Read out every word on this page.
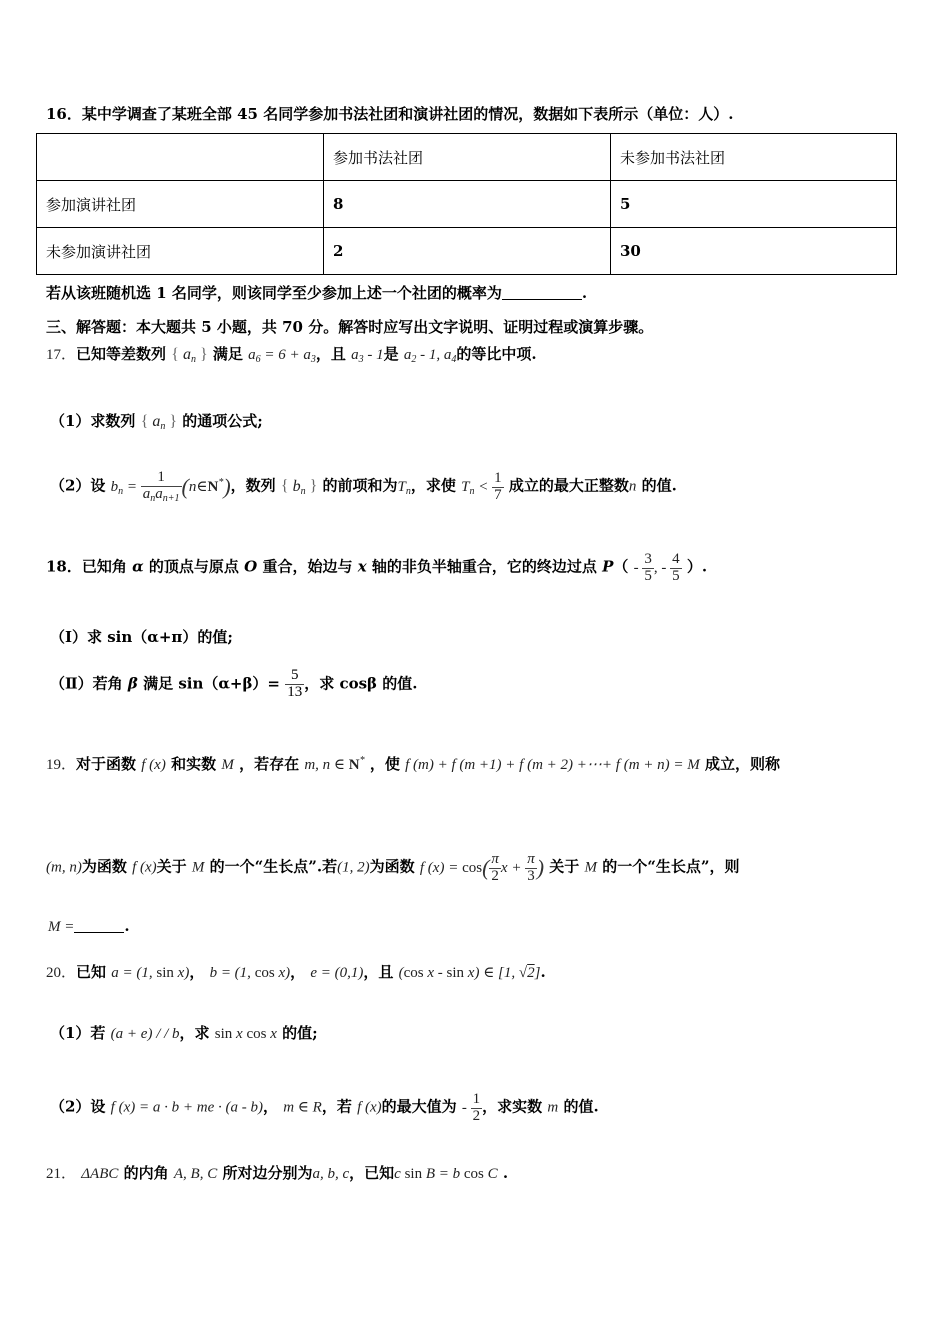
16．某中学调查了某班全部 45 名同学参加书法社团和演讲社团的情况，数据如下表所示（单位：人）.
	参加书法社团	未参加书法社团
参加演讲社团	8	5
未参加演讲社团	2	30
若从该班随机选 1 名同学，则该同学至少参加上述一个社团的概率为	.
三、解答题：本大题共 5 小题，共 70 分。解答时应写出文字说明、证明过程或演算步骤。
17．已知等差数列 { $a_n$ } 满足 $a_6 = 6 + a_3$，且 $a_3 - 1$是 $a_2 - 1$, $a_4$的等比中项.
（1）求数列 { $a_n$ } 的通项公式;
（2）设 $b_n = \frac{1}{a_na_{n+1}}$ (n∈N*)，数列 { $b_n$ } 的前项和为$T_n$，求使 $T_n < \frac{1}{7}$ 成立的最大正整数n 的值.
18．已知角 α 的顶点与原点 O 重合，始边与 x 轴的非负半轴重合，它的终边过点 $P( - \frac{3}{5}$ , - $\frac{4}{5}$ ）.
（Ⅰ）求 sin（α+π）的值;
（Ⅱ）若角 β 满足 $\sin(\alpha+\beta)= \frac{5}{13}$ ，求 cosβ 的值.
19．对于函数 f (x) 和实数 M ，若存在 m, n ∈ N* ，使 f (m) + f (m +1) + f (m + 2) +⋯+ f (m + n) = M 成立，则称
(m, n)为函数 f (x)关于 M 的一个“生长点”.若(1, 2)为函数 f $(x) = \cos( \frac{\pi}{2}$ $x + \frac{\pi}{3}$ ) 关于 M 的一个“生长点”，则
M =	.
20．已知 a = (1, sin x)， b = (1, cos x)， e = (0,1)，且 (cos x - sin x) ∈ [1, √2].
（1）若 (a + e) / / b，求 sin x cos x 的值;
（2）设 f (x) = a · b + me · (a - b)， m ∈ R，若 f (x)的最大值为 - $\frac{1}{2}$ ，求实数 m 的值.
21． ΔABC 的内角 A, B, C 所对边分别为a, b, c，已知c sin B = b cos C .
